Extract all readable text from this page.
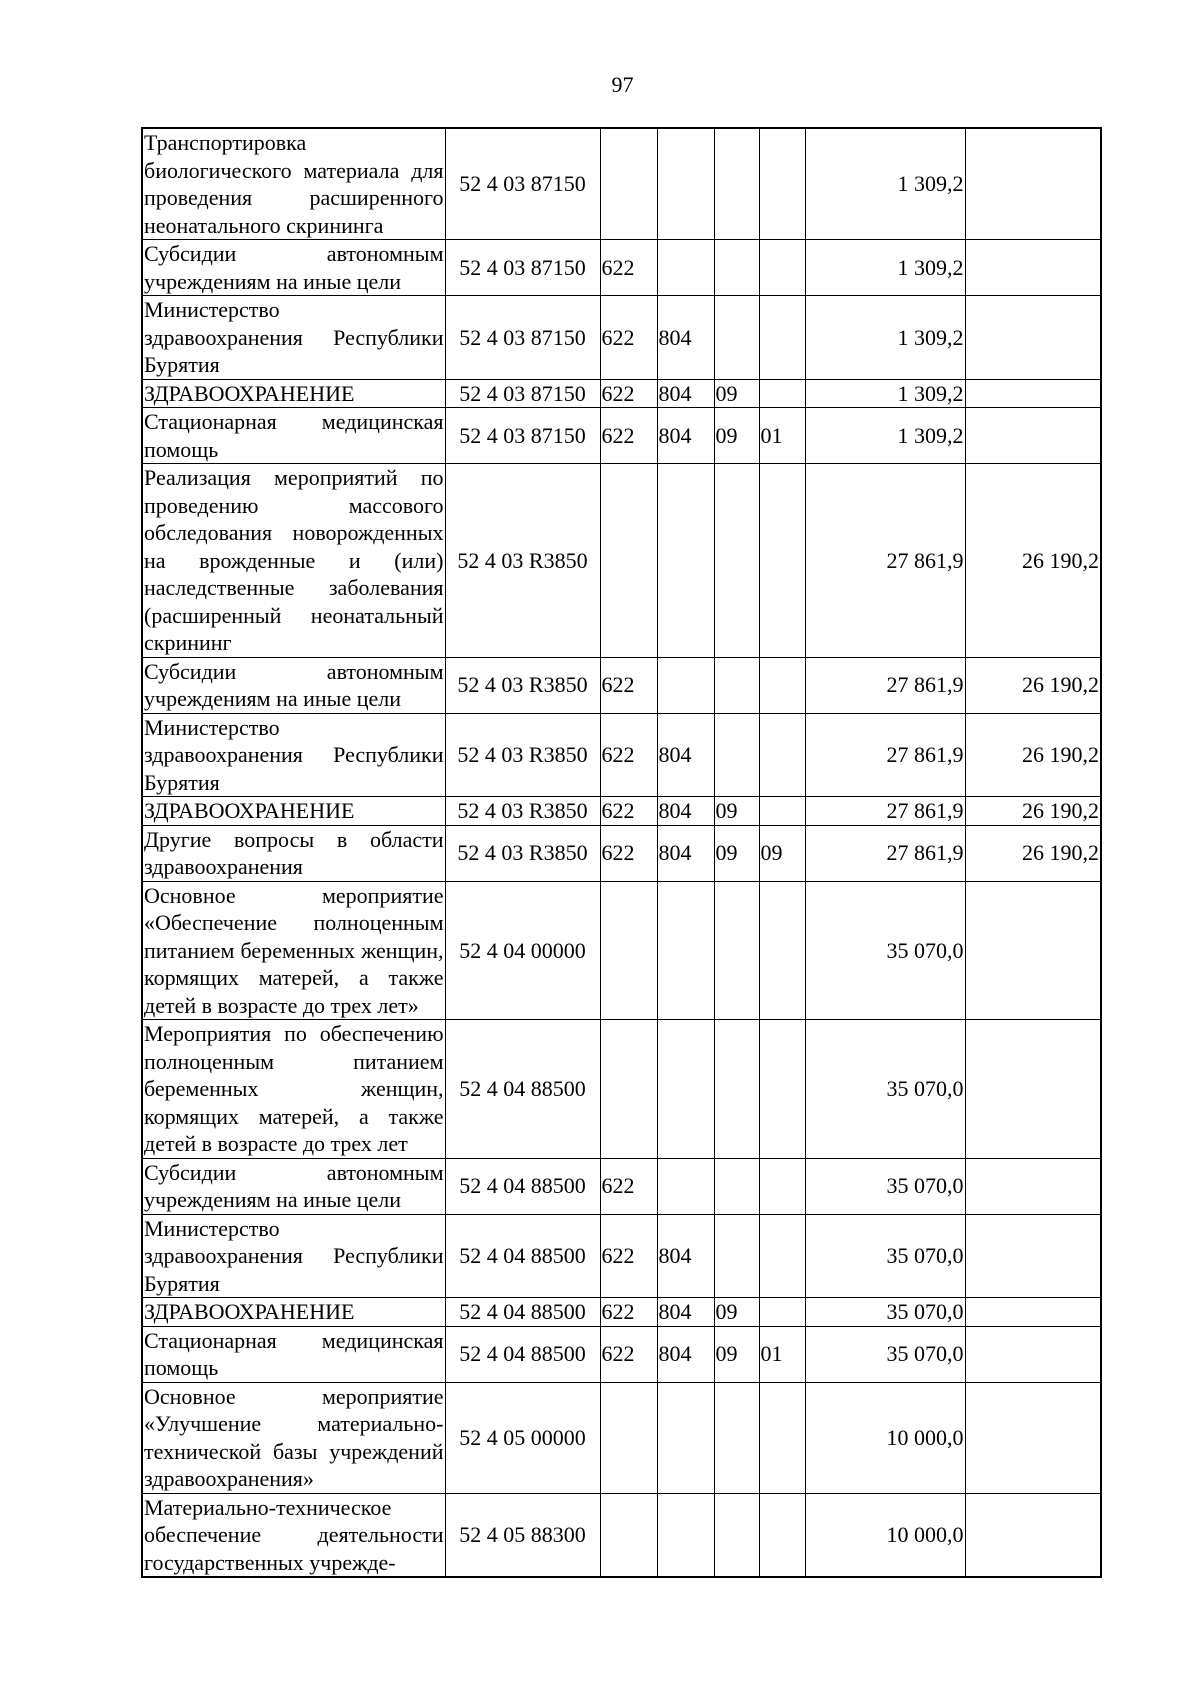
97
Транспортировка биологического материала для проведения расширенного неонатального скрининга	52 4 03 87150					1 309,2	
Субсидии автономным учреждениям на иные цели	52 4 03 87150	622				1 309,2	
Министерство здравоохранения Республики Бурятия	52 4 03 87150	622	804			1 309,2	
ЗДРАВООХРАНЕНИЕ	52 4 03 87150	622	804	09		1 309,2	
Стационарная медицинская помощь	52 4 03 87150	622	804	09	01	1 309,2	
Реализация мероприятий по проведению массового обследования новорожденных на врожденные и (или) наследственные заболевания (расширенный неонатальный скрининг	52 4 03 R3850					27 861,9	26 190,2
Субсидии автономным учреждениям на иные цели	52 4 03 R3850	622				27 861,9	26 190,2
Министерство здравоохранения Республики Бурятия	52 4 03 R3850	622	804			27 861,9	26 190,2
ЗДРАВООХРАНЕНИЕ	52 4 03 R3850	622	804	09		27 861,9	26 190,2
Другие вопросы в области здравоохранения	52 4 03 R3850	622	804	09	09	27 861,9	26 190,2
Основное мероприятие «Обеспечение полноценным питанием беременных женщин, кормящих матерей, а также детей в возрасте до трех лет»	52 4 04 00000					35 070,0	
Мероприятия по обеспечению полноценным питанием беременных женщин, кормящих матерей, а также детей в возрасте до трех лет	52 4 04 88500					35 070,0	
Субсидии автономным учреждениям на иные цели	52 4 04 88500	622				35 070,0	
Министерство здравоохранения Республики Бурятия	52 4 04 88500	622	804			35 070,0	
ЗДРАВООХРАНЕНИЕ	52 4 04 88500	622	804	09		35 070,0	
Стационарная медицинская помощь	52 4 04 88500	622	804	09	01	35 070,0	
Основное мероприятие «Улучшение материально-технической базы учреждений здравоохранения»	52 4 05 00000					10 000,0	
Материально-техническое обеспечение деятельности государственных учрежде-	52 4 05 88300					10 000,0	
